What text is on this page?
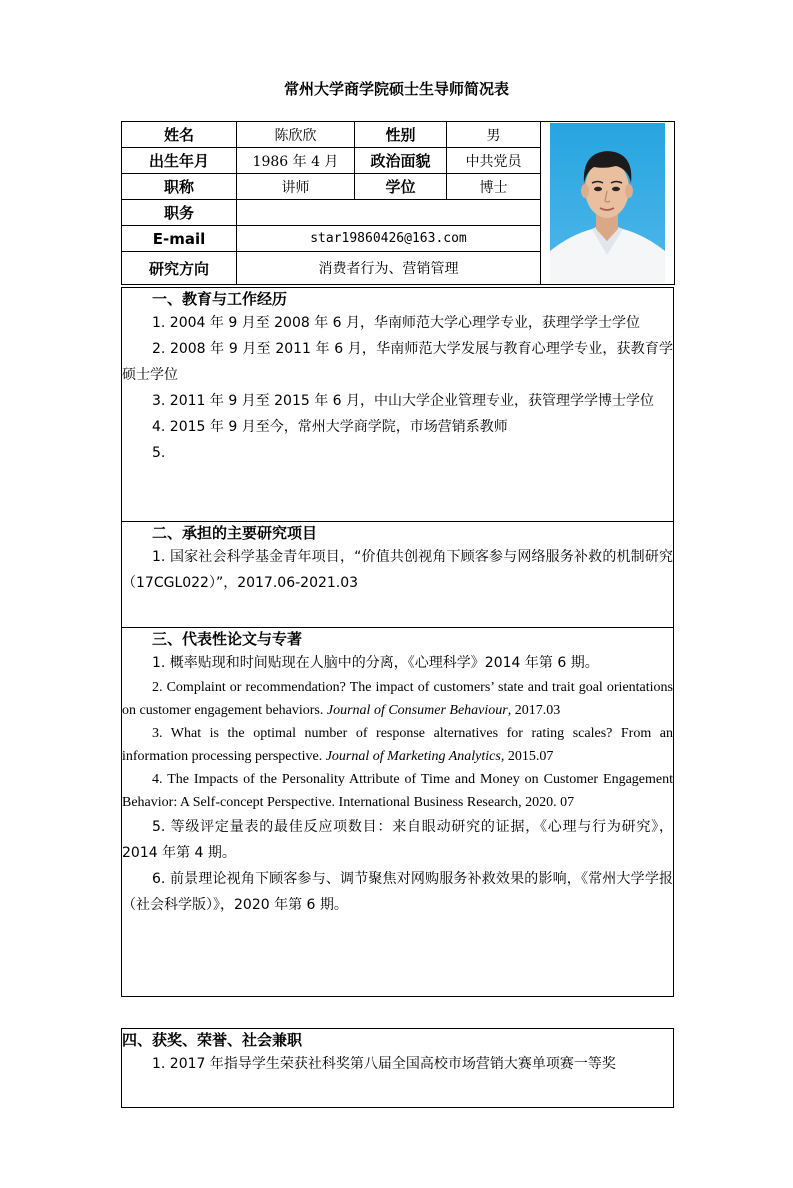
常州大学商学院硕士生导师简况表
姓名	陈欣欣	性别	男	

出生年月	1986 年 4 月	政治面貌	中共党员	
职称	讲师	学位	博士	
职务				
E-mail	star19860426@163.com			
研究方向	消费者行为、营销管理			
一、教育与工作经历

1. 2004 年 9 月至 2008 年 6 月，华南师范大学心理学专业，获理学学士学位

2. 2008 年 9 月至 2011 年 6 月，华南师范大学发展与教育心理学专业，获教育学硕士学位

3. 2011 年 9 月至 2015 年 6 月，中山大学企业管理专业，获管理学学博士学位

4. 2015 年 9 月至今，常州大学商学院，市场营销系教师

5.

二、承担的主要研究项目

1. 国家社会科学基金青年项目，“价值共创视角下顾客参与网络服务补救的机制研究（17CGL022）”，2017.06-2021.03

三、代表性论文与专著

1. 概率贴现和时间贴现在人脑中的分离，《心理科学》2014 年第 6 期。

2. Complaint or recommendation? The impact of customers’ state and trait goal orientations on customer engagement behaviors. Journal of Consumer Behaviour, 2017.03

3. What is the optimal number of response alternatives for rating scales? From an information processing perspective. Journal of Marketing Analytics, 2015.07

4. The Impacts of the Personality Attribute of Time and Money on Customer Engagement Behavior: A Self-concept Perspective. International Business Research, 2020. 07

5. 等级评定量表的最佳反应项数目：来自眼动研究的证据，《心理与行为研究》，2014 年第 4 期。

6. 前景理论视角下顾客参与、调节聚焦对网购服务补救效果的影响，《常州大学学报（社会科学版）》，2020 年第 6 期。

四、获奖、荣誉、社会兼职

1. 2017 年指导学生荣获社科奖第八届全国高校市场营销大赛单项赛一等奖
